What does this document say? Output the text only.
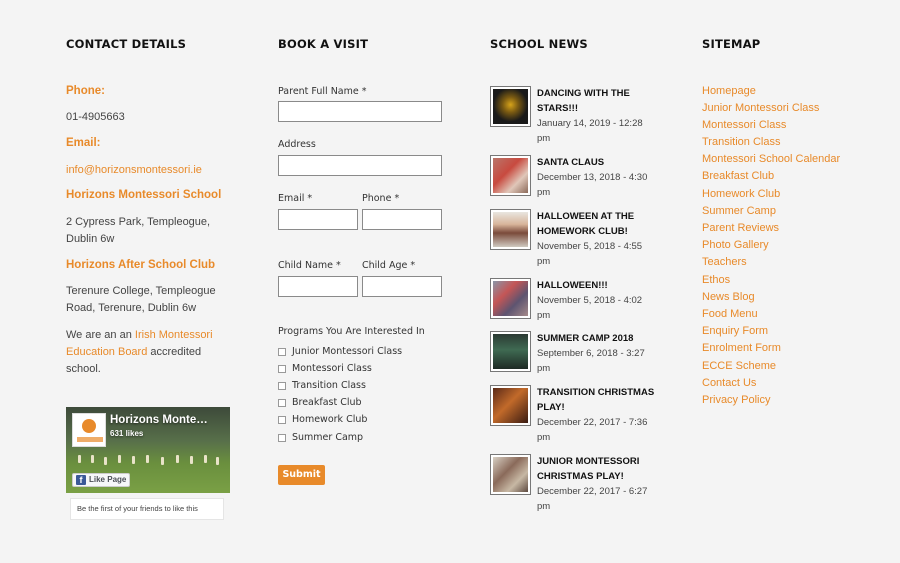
CONTACT DETAILS
Phone:
01-4905663
Email:
info@horizonsmontessori.ie
Horizons Montessori School
2 Cypress Park, Templeogue,
Dublin 6w
Horizons After School Club
Terenure College, Templeogue
Road, Terenure, Dublin 6w
We are an an Irish Montessori
Education Board accredited
school.
Horizons Monte…
631 likes
f Like Page
Be the first of your friends to like this
BOOK A VISIT
Parent Full Name *
Address
Email *	Phone *
Child Name * Child Age *
Programs You Are Interested In
Junior Montessori Class
Montessori Class
Transition Class
Breakfast Club
Homework Club
Summer Camp
Submit
SCHOOL NEWS
DANCING WITH THE
STARS!!!
January 14, 2019 - 12:28
pm
SANTA CLAUS
December 13, 2018 - 4:30
pm
HALLOWEEN AT THE
HOMEWORK CLUB!
November 5, 2018 - 4:55
pm
HALLOWEEN!!!
November 5, 2018 - 4:02
pm
SUMMER CAMP 2018
September 6, 2018 - 3:27
pm
TRANSITION CHRISTMAS
PLAY!
December 22, 2017 - 7:36
pm
JUNIOR MONTESSORI
CHRISTMAS PLAY!
December 22, 2017 - 6:27
pm
SITEMAP
Homepage
Junior Montessori Class
Montessori Class
Transition Class
Montessori School Calendar
Breakfast Club
Homework Club
Summer Camp
Parent Reviews
Photo Gallery
Teachers
Ethos
News Blog
Food Menu
Enquiry Form
Enrolment Form
ECCE Scheme
Contact Us
Privacy Policy
